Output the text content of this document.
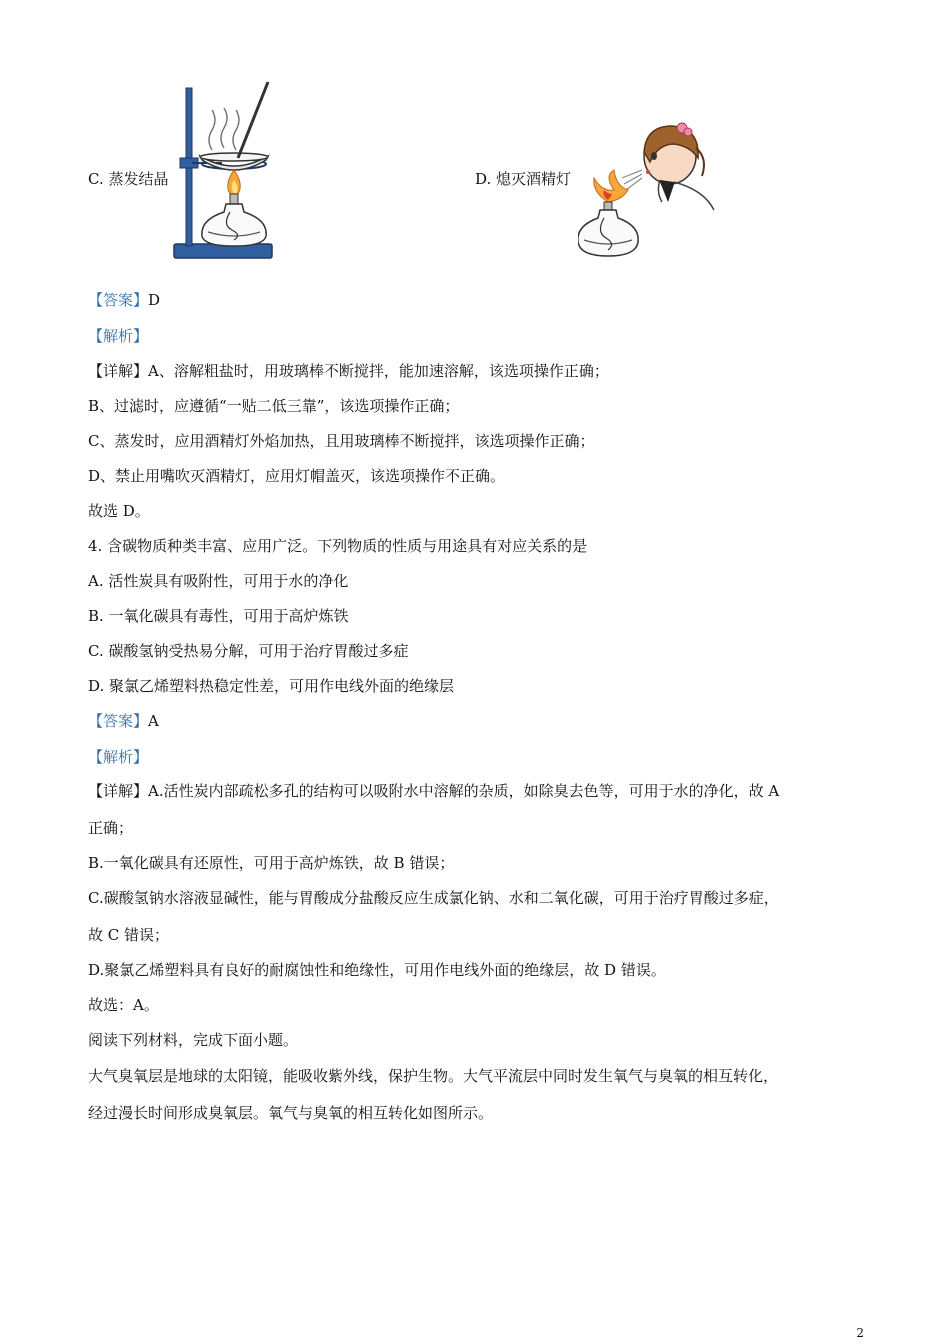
C. 蒸发结晶	D. 熄灭酒精灯
【答案】D
【解析】
【详解】A、溶解粗盐时，用玻璃棒不断搅拌，能加速溶解，该选项操作正确；
B、过滤时，应遵循“一贴二低三靠”，该选项操作正确；
C、蒸发时，应用酒精灯外焰加热，且用玻璃棒不断搅拌，该选项操作正确；
D、禁止用嘴吹灭酒精灯，应用灯帽盖灭，该选项操作不正确。
故选 D。
4. 含碳物质种类丰富、应用广泛。下列物质的性质与用途具有对应关系的是
A. 活性炭具有吸附性，可用于水的净化
B. 一氧化碳具有毒性，可用于高炉炼铁
C. 碳酸氢钠受热易分解，可用于治疗胃酸过多症
D. 聚氯乙烯塑料热稳定性差，可用作电线外面的绝缘层
【答案】A
【解析】
【详解】A.活性炭内部疏松多孔的结构可以吸附水中溶解的杂质，如除臭去色等，可用于水的净化，故 A
正确；
B.一氧化碳具有还原性，可用于高炉炼铁，故 B 错误；
C.碳酸氢钠水溶液显碱性，能与胃酸成分盐酸反应生成氯化钠、水和二氧化碳，可用于治疗胃酸过多症，
故 C 错误；
D.聚氯乙烯塑料具有良好的耐腐蚀性和绝缘性，可用作电线外面的绝缘层，故 D 错误。
故选：A。
阅读下列材料，完成下面小题。
大气臭氧层是地球的太阳镜，能吸收紫外线，保护生物。大气平流层中同时发生氧气与臭氧的相互转化，
经过漫长时间形成臭氧层。氧气与臭氧的相互转化如图所示。
2
